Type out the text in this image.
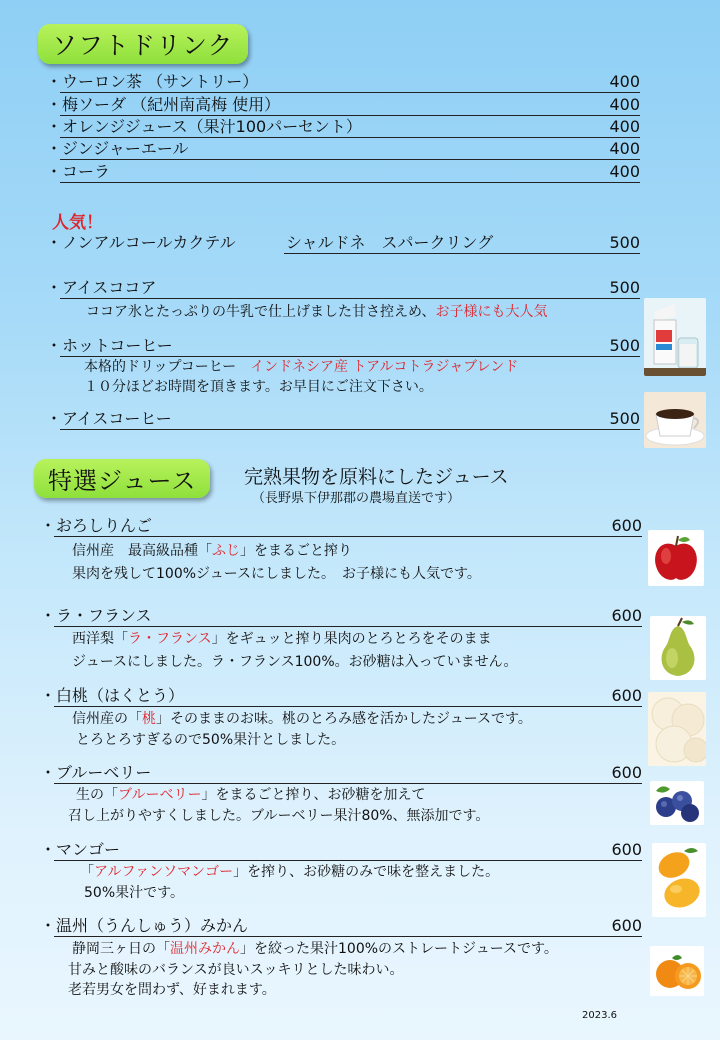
ソフトドリンク
・ウーロン茶 （サントリー）	400
・梅ソーダ （紀州南高梅 使用）	400
・オレンジジュース（果汁100パーセント）	400
・ジンジャーエール	400
・コーラ	400
人気！
・ノンアルコールカクテル	シャルドネ　スパークリング	500
・アイスココア	500
ココア氷とたっぷりの牛乳で仕上げました甘さ控えめ、お子様にも大人気
・ホットコーヒー	500
本格的ドリップコーヒー　インドネシア産 トアルコトラジャブレンド
１０分ほどお時間を頂きます。お早目にご注文下さい。
・アイスコーヒー	500
特選ジュース	完熟果物を原料にしたジュース
（長野県下伊那郡の農場直送です）
・おろしりんご	600
信州産　最高級品種「ふじ」をまるごと搾り
果肉を残して100%ジュースにしました。　お子様にも人気です。
・ラ・フランス	600
西洋梨「ラ・フランス」をギュッと搾り果肉のとろとろをそのまま
ジュースにしました。ラ・フランス100%。お砂糖は入っていません。
・白桃（はくとう）	600
信州産の「桃」そのままのお味。桃のとろみ感を活かしたジュースです。
とろとろすぎるので50%果汁としました。
・ブルーベリー	600
生の「ブルーベリー」をまるごと搾り、お砂糖を加えて
召し上がりやすくしました。ブルーベリー果汁80%、無添加です。
・マンゴー	600
「アルファンソマンゴー」を搾り、お砂糖のみで味を整えました。
50%果汁です。
・温州（うんしゅう）みかん	600
静岡三ヶ日の「温州みかん」を絞った果汁100%のストレートジュースです。
甘みと酸味のバランスが良いスッキリとした味わい。
老若男女を問わず、好まれます。
2023.6
